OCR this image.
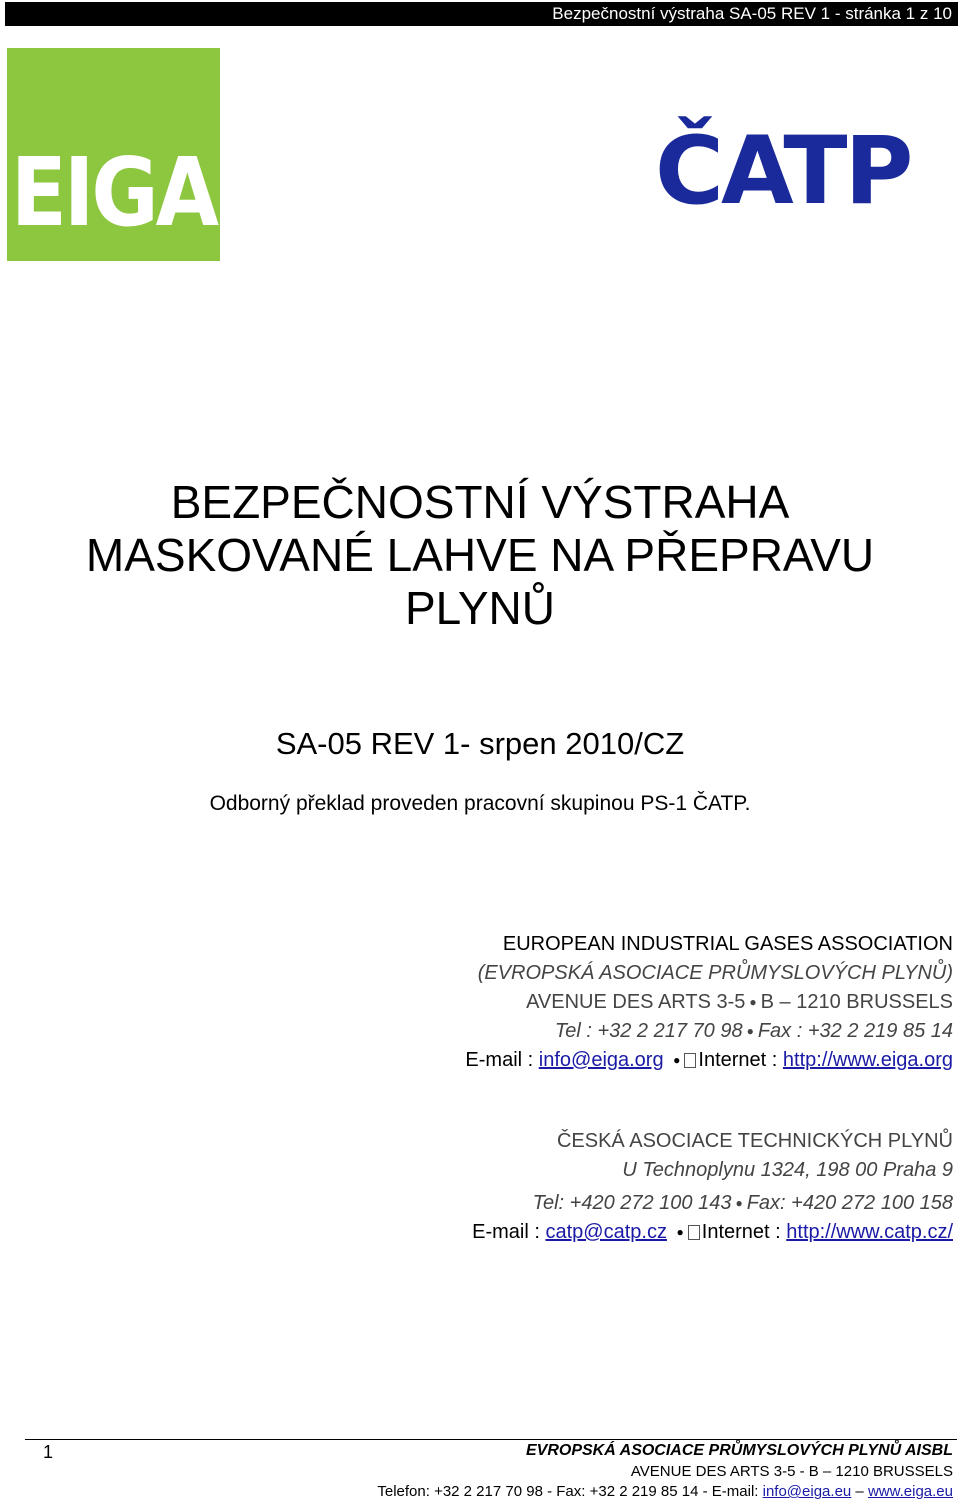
Bezpečnostní výstraha SA-05 REV 1 - stránka 1 z 10
EIGA	ČATP
BEZPEČNOSTNÍ VÝSTRAHA
MASKOVANÉ LAHVE NA PŘEPRAVU
PLYNŮ
SA-05 REV 1- srpen 2010/CZ
Odborný překlad proveden pracovní skupinou PS-1 ČATP.
EUROPEAN INDUSTRIAL GASES ASSOCIATION
(EVROPSKÁ ASOCIACE PRŮMYSLOVÝCH PLYNŮ)
AVENUE DES ARTS 3-5 ● B – 1210 BRUSSELS
Tel : +32 2 217 70 98 ● Fax : +32 2 219 85 14
E-mail : info@eiga.org ● Internet : http://www.eiga.org
ČESKÁ ASOCIACE TECHNICKÝCH PLYNŮ
U Technoplynu 1324, 198 00 Praha 9
Tel: +420 272 100 143 ● Fax: +420 272 100 158
E-mail : catp@catp.cz ● Internet : http://www.catp.cz/
1	EVROPSKÁ ASOCIACE PRŮMYSLOVÝCH PLYNŮ AISBL
AVENUE DES ARTS 3-5 - B – 1210 BRUSSELS
Telefon: +32 2 217 70 98 - Fax: +32 2 219 85 14 - E-mail: info@eiga.eu – www.eiga.eu
